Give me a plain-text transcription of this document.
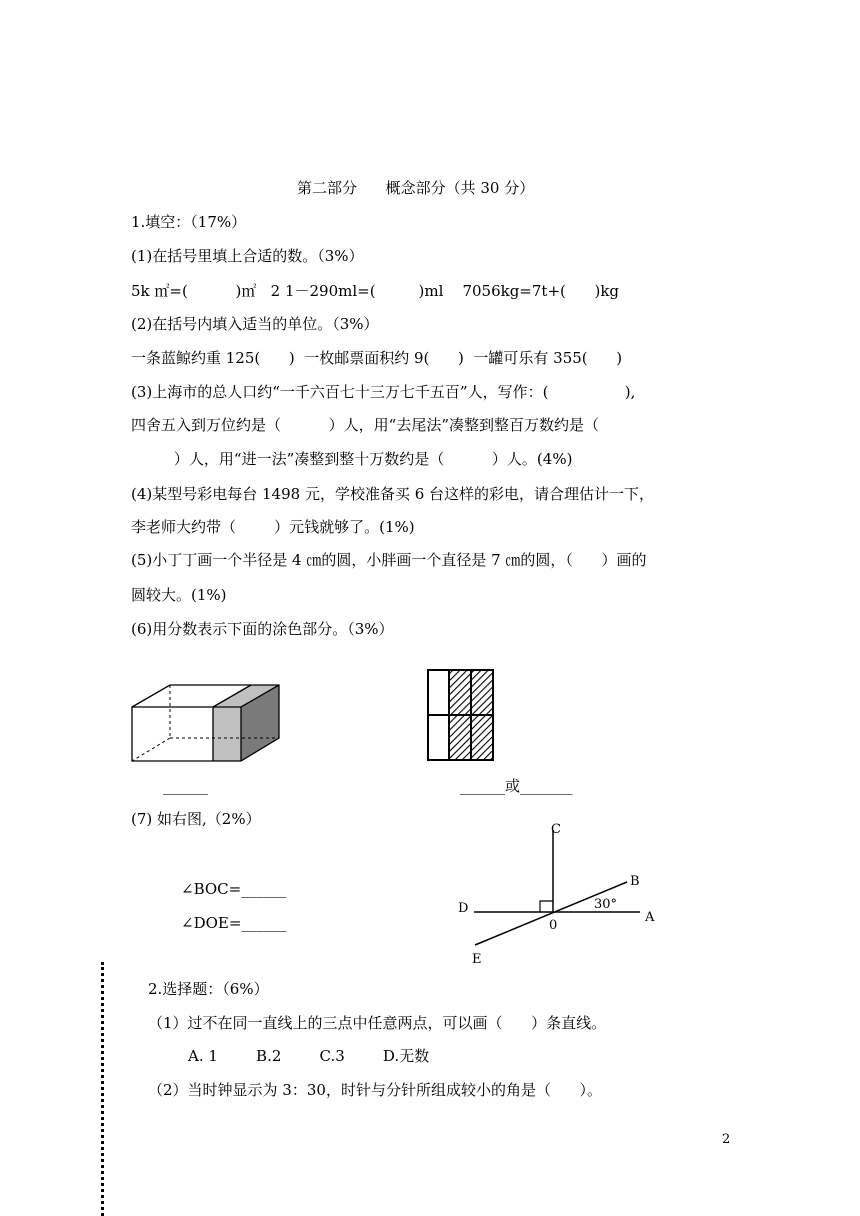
第二部分      概念部分（共 30 分）
1.填空：（17%）
(1)在括号里填上合适的数。（3%）
5k ㎡=(          )㎡   2 1－290ml=(         )ml    7056kg=7t+(      )kg
(2)在括号内填入适当的单位。（3%）
一条蓝鲸约重 125(      )  一枚邮票面积约 9(      )  一罐可乐有 355(      )
(3)上海市的总人口约“一千六百七十三万七千五百”人，写作：(                ),
四舍五入到万位约是（          ）人，用“去尾法”凑整到整百万数约是（
）人，用“进一法”凑整到整十万数约是（          ）人。(4%)
(4)某型号彩电每台 1498 元，学校准备买 6 台这样的彩电，请合理估计一下，
李老师大约带（        ）元钱就够了。(1%)
(5)小丁丁画一个半径是 4 ㎝的圆，小胖画一个直径是 7 ㎝的圆，（      ）画的
圆较大。(1%)
(6)用分数表示下面的涂色部分。（3%）
______	______或_______
(7) 如右图,（2%）
∠BOC=______
∠DOE=______
C
B
D
A
0
E
30°
2.选择题：（6%）
（1）过不在同一直线上的三点中任意两点，可以画（      ）条直线。
A. 1        B.2        C.3        D.无数
（2）当时钟显示为 3：30，时针与分针所组成较小的角是（      ）。
2
